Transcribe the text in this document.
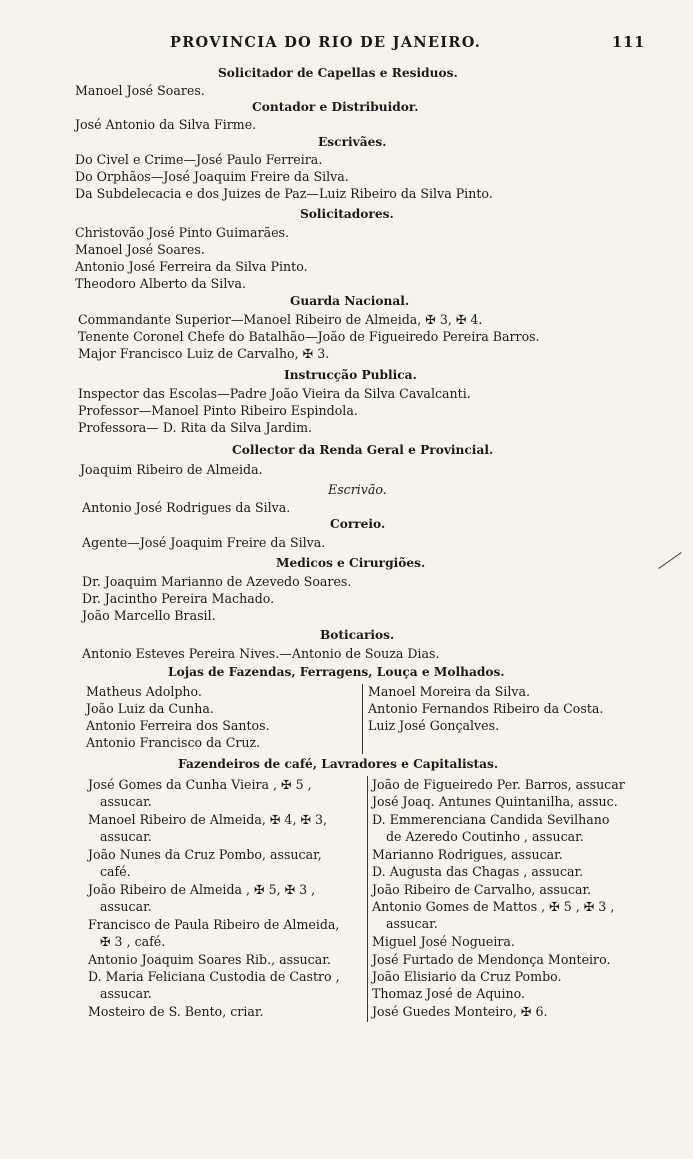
PROVINCIA DO RIO DE JANEIRO.	111
Solicitador de Capellas e Residuos.
Manoel José Soares.
Contador e Distribuidor.
José Antonio da Silva Firme.
Escrivães.
Do Civel e Crime—José Paulo Ferreira.
Do Orphãos—José Joaquim Freire da Silva.
Da Subdelecacia e dos Juizes de Paz—Luiz Ribeiro da Silva Pinto.
Solicitadores.
Christovão José Pinto Guimarães.
Manoel José Soares.
Antonio José Ferreira da Silva Pinto.
Theodoro Alberto da Silva.
Guarda Nacional.
Commandante Superior—Manoel Ribeiro de Almeida, ✠ 3, ✠ 4.
Tenente Coronel Chefe do Batalhão—João de Figueiredo Pereira Barros.
Major Francisco Luiz de Carvalho, ✠ 3.
Instrucção Publica.
Inspector das Escolas—Padre João Vieira da Silva Cavalcanti.
Professor—Manoel Pinto Ribeiro Espindola.
Professora— D. Rita da Silva Jardim.
Collector da Renda Geral e Provincial.
Joaquim Ribeiro de Almeida.
Escrivão.
Antonio José Rodrigues da Silva.
Correio.
Agente—José Joaquim Freire da Silva.
Medicos e Cirurgiões.
Dr. Joaquim Marianno de Azevedo Soares.
Dr. Jacintho Pereira Machado.
João Marcello Brasil.
Boticarios.
Antonio Esteves Pereira Nives.—Antonio de Souza Dias.
Lojas de Fazendas, Ferragens, Louça e Molhados.
Matheus Adolpho.
João Luiz da Cunha.
Antonio Ferreira dos Santos.
Antonio Francisco da Cruz.
Manoel Moreira da Silva.
Antonio Fernandos Ribeiro da Costa.
Luiz José Gonçalves.
Fazendeiros de café, Lavradores e Capitalistas.
José Gomes da Cunha Vieira , ✠ 5 ,
assucar.
Manoel Ribeiro de Almeida, ✠ 4, ✠ 3,
assucar.
João Nunes da Cruz Pombo, assucar,
café.
João Ribeiro de Almeida , ✠ 5, ✠ 3 ,
assucar.
Francisco de Paula Ribeiro de Almeida,
✠ 3 , café.
Antonio Joaquim Soares Rib., assucar.
D. Maria Feliciana Custodia de Castro ,
assucar.
Mosteiro de S. Bento, criar.
João de Figueiredo Per. Barros, assucar
José Joaq. Antunes Quintanilha, assuc.
D. Emmerenciana Candida Sevilhano
de Azeredo Coutinho , assucar.
Marianno Rodrigues, assucar.
D. Augusta das Chagas , assucar.
João Ribeiro de Carvalho, assucar.
Antonio Gomes de Mattos , ✠ 5 , ✠ 3 ,
assucar.
Miguel José Nogueira.
José Furtado de Mendonça Monteiro.
João Elisiario da Cruz Pombo.
Thomaz José de Aquino.
José Guedes Monteiro, ✠ 6.
